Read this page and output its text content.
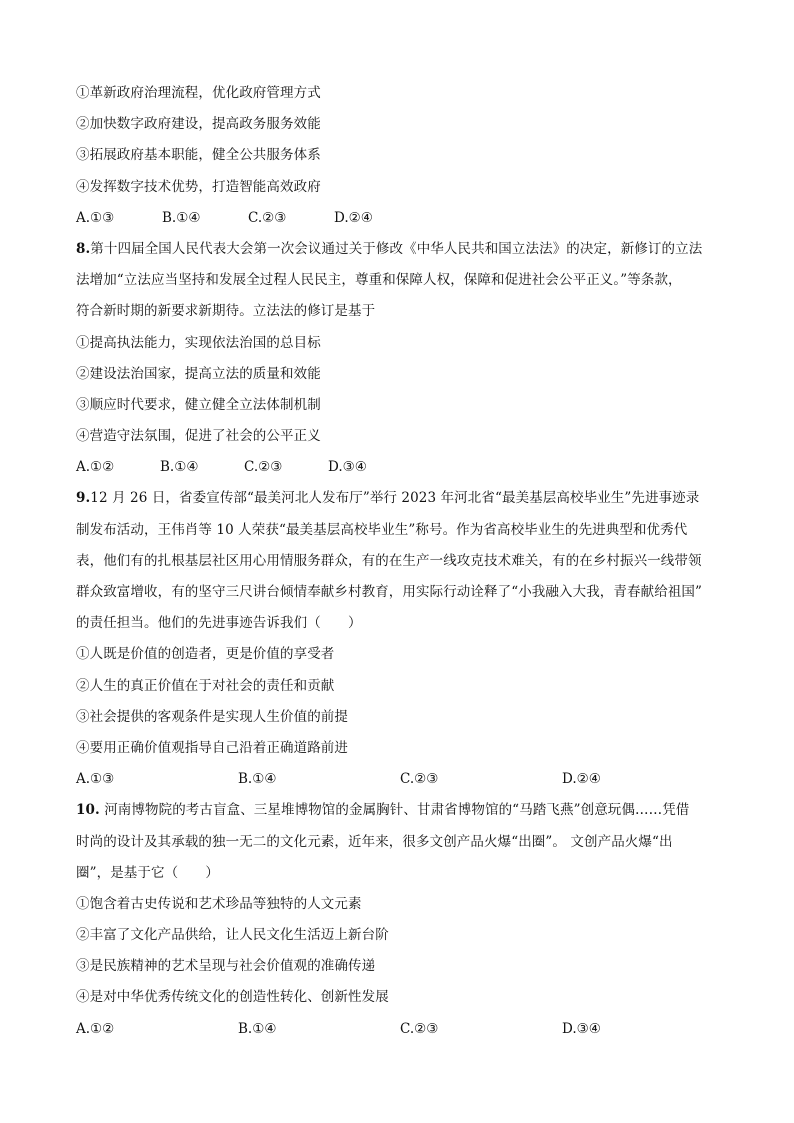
①革新政府治理流程，优化政府管理方式
②加快数字政府建设，提高政务服务效能
③拓展政府基本职能，健全公共服务体系
④发挥数字技术优势，打造智能高效政府
A.①③	B.①④	C.②③	D.②④
8.第十四届全国人民代表大会第一次会议通过关于修改《中华人民共和国立法法》的决定，新修订的立法
法增加“立法应当坚持和发展全过程人民民主，尊重和保障人权，保障和促进社会公平正义。”等条款，
符合新时期的新要求新期待。立法法的修订是基于
①提高执法能力，实现依法治国的总目标
②建设法治国家，提高立法的质量和效能
③顺应时代要求，健立健全立法体制机制
④营造守法氛围，促进了社会的公平正义
A.①②	B.①④	C.②③	D.③④
9.12 月 26 日，省委宣传部“最美河北人发布厅”举行 2023 年河北省“最美基层高校毕业生”先进事迹录
制发布活动，王伟肖等 10 人荣获“最美基层高校毕业生”称号。作为省高校毕业生的先进典型和优秀代
表，他们有的扎根基层社区用心用情服务群众，有的在生产一线攻克技术难关，有的在乡村振兴一线带领
群众致富增收，有的坚守三尺讲台倾情奉献乡村教育，用实际行动诠释了“小我融入大我，青春献给祖国”
的责任担当。他们的先进事迹告诉我们（　　）
①人既是价值的创造者，更是价值的享受者
②人生的真正价值在于对社会的责任和贡献
③社会提供的客观条件是实现人生价值的前提
④要用正确价值观指导自己沿着正确道路前进
A.①③	B.①④	C.②③	D.②④
10. 河南博物院的考古盲盒、三星堆博物馆的金属胸针、甘肃省博物馆的“马踏飞燕”创意玩偶……凭借
时尚的设计及其承载的独一无二的文化元素，近年来，很多文创产品火爆“出圈”。 文创产品火爆“出
圈”，是基于它（　　）
①饱含着古史传说和艺术珍品等独特的人文元素
②丰富了文化产品供给，让人民文化生活迈上新台阶
③是民族精神的艺术呈现与社会价值观的准确传递
④是对中华优秀传统文化的创造性转化、创新性发展
A.①②	B.①④	C.②③	D.③④
